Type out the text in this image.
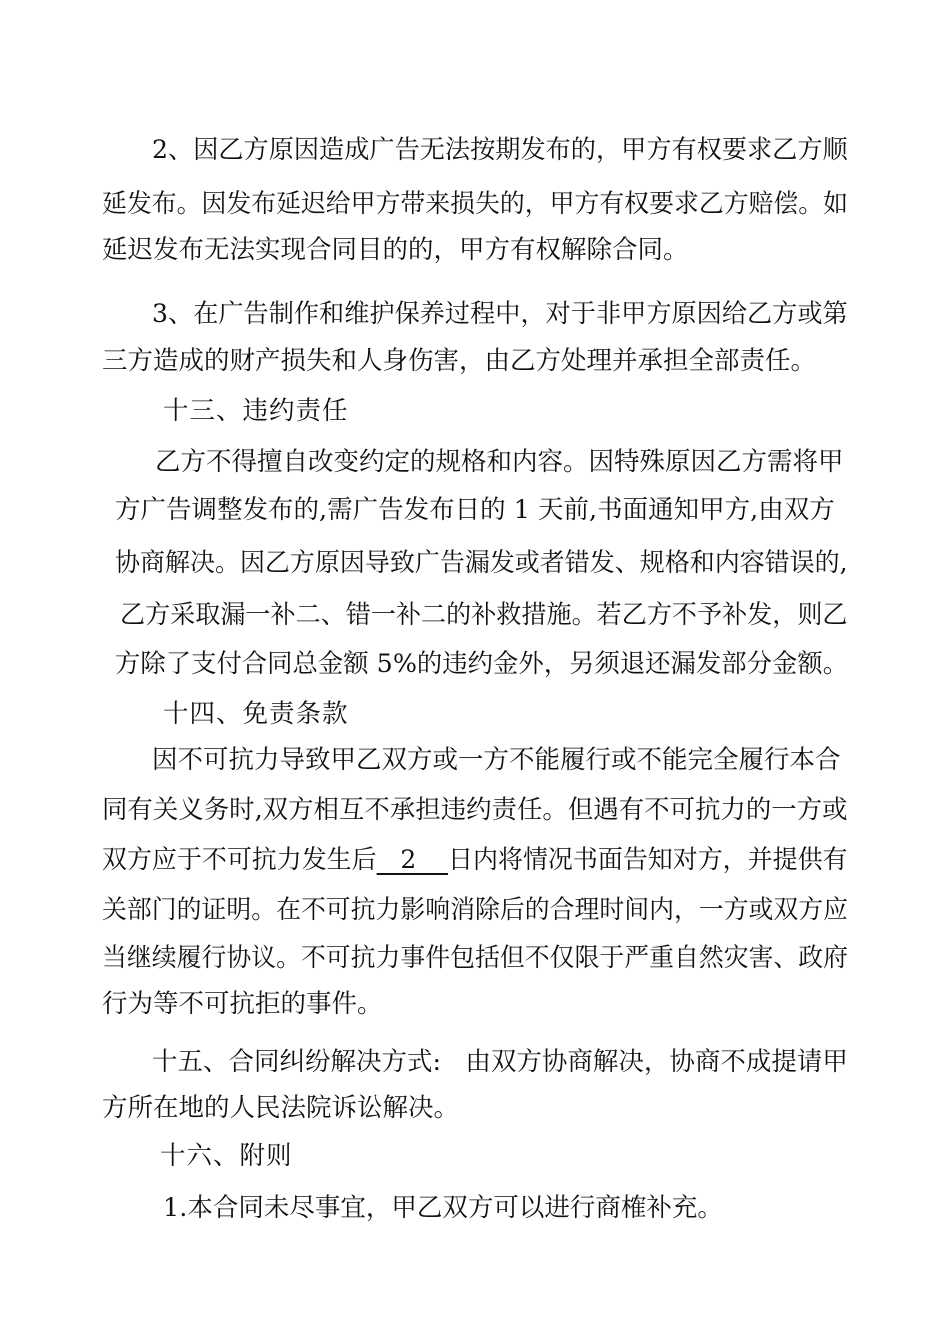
2、因乙方原因造成广告无法按期发布的，甲方有权要求乙方顺
延发布。因发布延迟给甲方带来损失的，甲方有权要求乙方赔偿。如
延迟发布无法实现合同目的的，甲方有权解除合同。
3、在广告制作和维护保养过程中，对于非甲方原因给乙方或第
三方造成的财产损失和人身伤害，由乙方处理并承担全部责任。
十三、违约责任
乙方不得擅自改变约定的规格和内容。因特殊原因乙方需将甲
方广告调整发布的,需广告发布日的 1 天前,书面通知甲方,由双方
协商解决。因乙方原因导致广告漏发或者错发、规格和内容错误的,
乙方采取漏一补二、错一补二的补救措施。若乙方不予补发，则乙
方除了支付合同总金额 5%的违约金外，另须退还漏发部分金额。
十四、免责条款
因不可抗力导致甲乙双方或一方不能履行或不能完全履行本合
同有关义务时,双方相互不承担违约责任。但遇有不可抗力的一方或
双方应于不可抗力发生后   2    日内将情况书面告知对方，并提供有
关部门的证明。在不可抗力影响消除后的合理时间内，一方或双方应
当继续履行协议。不可抗力事件包括但不仅限于严重自然灾害、政府
行为等不可抗拒的事件。
十五、合同纠纷解决方式:   由双方协商解决，协商不成提请甲
方所在地的人民法院诉讼解决。
十六、附则
1.本合同未尽事宜，甲乙双方可以进行商榷补充。
